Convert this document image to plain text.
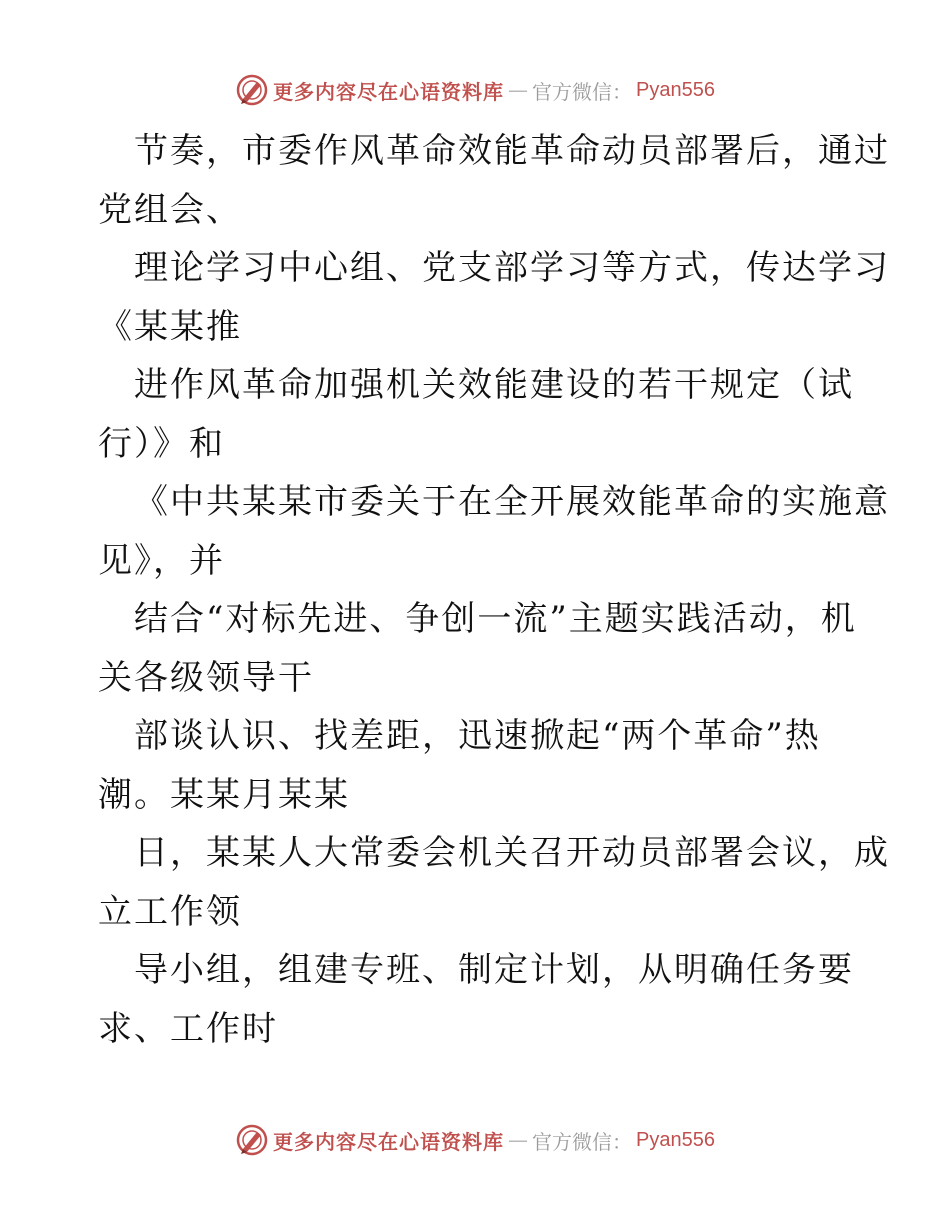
更多内容尽在心语资料库 — 官方微信： Pyan556
节奏，市委作风革命效能革命动员部署后，通过
党组会、
理论学习中心组、党支部学习等方式，传达学习
《某某推
进作风革命加强机关效能建设的若干规定（试
行）》和
《中共某某市委关于在全开展效能革命的实施意
见》，并
结合“对标先进、争创一流”主题实践活动，机
关各级领导干
部谈认识、找差距，迅速掀起“两个革命”热
潮。某某月某某
日，某某人大常委会机关召开动员部署会议，成
立工作领
导小组，组建专班、制定计划，从明确任务要
求、工作时
更多内容尽在心语资料库 — 官方微信： Pyan556
